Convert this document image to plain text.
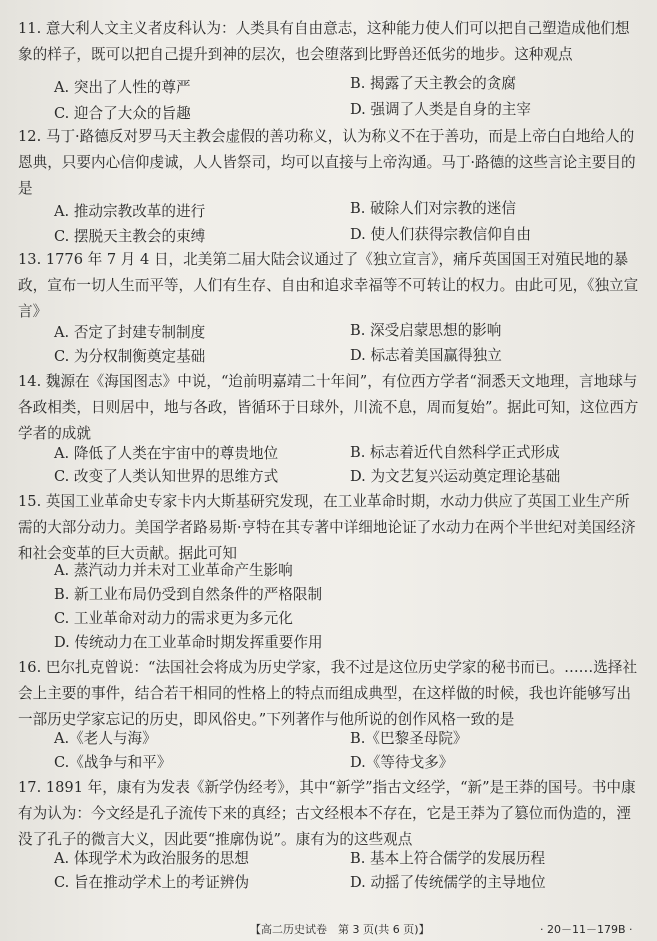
11. 意大利人文主义者皮科认为：人类具有自由意志，这种能力使人们可以把自己塑造成他们想象的样子，既可以把自己提升到神的层次，也会堕落到比野兽还低劣的地步。这种观点
A. 突出了人性的尊严	B. 揭露了天主教会的贪腐
C. 迎合了大众的旨趣	D. 强调了人类是自身的主宰
12. 马丁·路德反对罗马天主教会虚假的善功称义，认为称义不在于善功，而是上帝白白地给人的恩典，只要内心信仰虔诚，人人皆祭司，均可以直接与上帝沟通。马丁·路德的这些言论主要目的是
A. 推动宗教改革的进行	B. 破除人们对宗教的迷信
C. 摆脱天主教会的束缚	D. 使人们获得宗教信仰自由
13. 1776 年 7 月 4 日，北美第二届大陆会议通过了《独立宣言》，痛斥英国国王对殖民地的暴政，宣布一切人生而平等，人们有生存、自由和追求幸福等不可转让的权力。由此可见，《独立宣言》
A. 否定了封建专制制度	B. 深受启蒙思想的影响
C. 为分权制衡奠定基础	D. 标志着美国赢得独立
14. 魏源在《海国图志》中说，“迨前明嘉靖二十年间”，有位西方学者“洞悉天文地理，言地球与各政相类，日则居中，地与各政，皆循环于日球外，川流不息，周而复始”。据此可知，这位西方学者的成就
A. 降低了人类在宇宙中的尊贵地位	B. 标志着近代自然科学正式形成
C. 改变了人类认知世界的思维方式	D. 为文艺复兴运动奠定理论基础
15. 英国工业革命史专家卡内大斯基研究发现，在工业革命时期，水动力供应了英国工业生产所需的大部分动力。美国学者路易斯·亨特在其专著中详细地论证了水动力在两个半世纪对美国经济和社会变革的巨大贡献。据此可知
A. 蒸汽动力并未对工业革命产生影响
B. 新工业布局仍受到自然条件的严格限制
C. 工业革命对动力的需求更为多元化
D. 传统动力在工业革命时期发挥重要作用
16. 巴尔扎克曾说：“法国社会将成为历史学家，我不过是这位历史学家的秘书而已。……选择社会上主要的事件，结合若干相同的性格上的特点而组成典型，在这样做的时候，我也许能够写出一部历史学家忘记的历史，即风俗史。”下列著作与他所说的创作风格一致的是
A.《老人与海》	B.《巴黎圣母院》
C.《战争与和平》	D.《等待戈多》
17. 1891 年，康有为发表《新学伪经考》，其中“新学”指古文经学，“新”是王莽的国号。书中康有为认为：今文经是孔子流传下来的真经；古文经根本不存在，它是王莽为了篡位而伪造的，湮没了孔子的微言大义，因此要“推廓伪说”。康有为的这些观点
A. 体现学术为政治服务的思想	B. 基本上符合儒学的发展历程
C. 旨在推动学术上的考证辨伪	D. 动摇了传统儒学的主导地位
【高二历史试卷　第 3 页(共 6 页)】	· 20－11－179B ·
